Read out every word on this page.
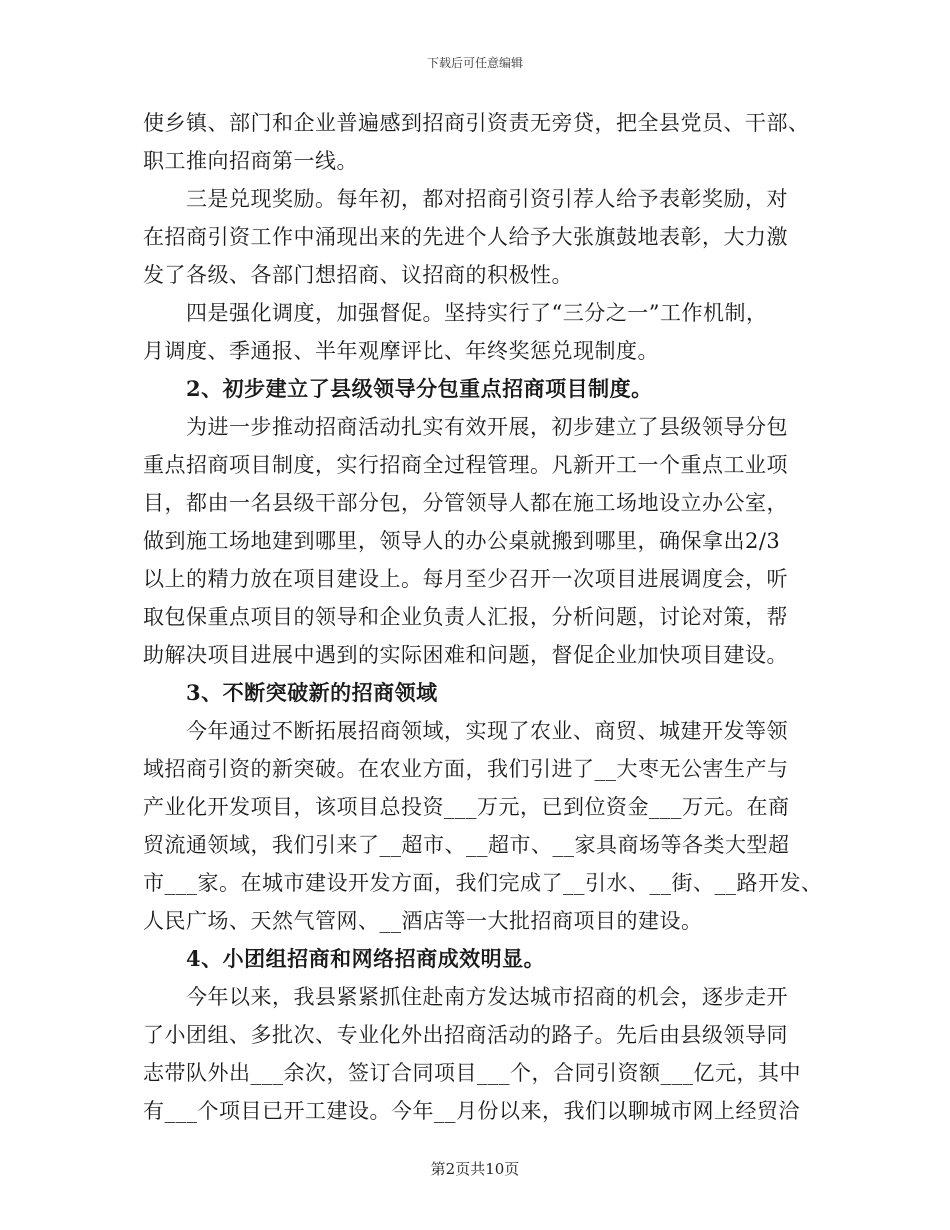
下载后可任意编辑
使乡镇、部门和企业普遍感到招商引资责无旁贷，把全县党员、干部、
职工推向招商第一线。
三是兑现奖励。每年初，都对招商引资引荐人给予表彰奖励，对
在招商引资工作中涌现出来的先进个人给予大张旗鼓地表彰，大力激
发了各级、各部门想招商、议招商的积极性。
四是强化调度，加强督促。坚持实行了“三分之一”工作机制，
月调度、季通报、半年观摩评比、年终奖惩兑现制度。
2、初步建立了县级领导分包重点招商项目制度。
为进一步推动招商活动扎实有效开展，初步建立了县级领导分包
重点招商项目制度，实行招商全过程管理。凡新开工一个重点工业项
目，都由一名县级干部分包，分管领导人都在施工场地设立办公室，
做到施工场地建到哪里，领导人的办公桌就搬到哪里，确保拿出2/3
以上的精力放在项目建设上。每月至少召开一次项目进展调度会，听
取包保重点项目的领导和企业负责人汇报，分析问题，讨论对策，帮
助解决项目进展中遇到的实际困难和问题，督促企业加快项目建设。
3、不断突破新的招商领域
今年通过不断拓展招商领域，实现了农业、商贸、城建开发等领
域招商引资的新突破。在农业方面，我们引进了__大枣无公害生产与
产业化开发项目，该项目总投资___万元，已到位资金___万元。在商
贸流通领域，我们引来了__超市、__超市、__家具商场等各类大型超
市___家。在城市建设开发方面，我们完成了__引水、__街、__路开发、
人民广场、天然气管网、__酒店等一大批招商项目的建设。
4、小团组招商和网络招商成效明显。
今年以来，我县紧紧抓住赴南方发达城市招商的机会，逐步走开
了小团组、多批次、专业化外出招商活动的路子。先后由县级领导同
志带队外出___余次，签订合同项目___个，合同引资额___亿元，其中
有___个项目已开工建设。今年__月份以来，我们以聊城市网上经贸洽
第2页共10页
